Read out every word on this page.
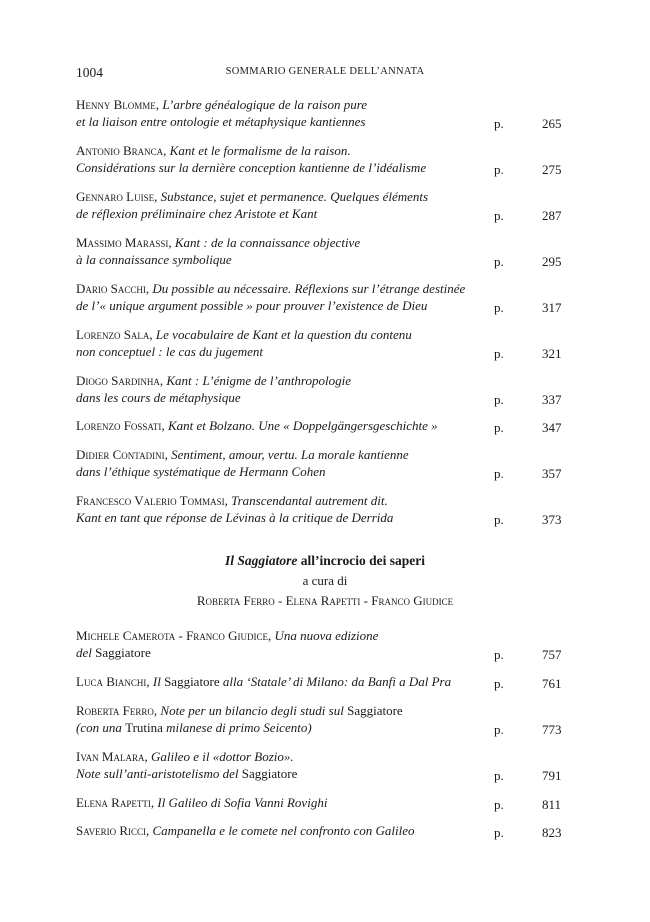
1004	SOMMARIO GENERALE DELL’ANNATA
Henny Blomme, L’arbre généalogique de la raison pure
et la liaison entre ontologie et métaphysique kantiennes	p.	265
Antonio Branca, Kant et le formalisme de la raison.
Considérations sur la dernière conception kantienne de l’idéalisme	p.	275
Gennaro Luise, Substance, sujet et permanence. Quelques éléments
de réflexion préliminaire chez Aristote et Kant	p.	287
Massimo Marassi, Kant : de la connaissance objective
à la connaissance symbolique	p.	295
Dario Sacchi, Du possible au nécessaire. Réflexions sur l’étrange destinée
de l’« unique argument possible » pour prouver l’existence de Dieu	p.	317
Lorenzo Sala, Le vocabulaire de Kant et la question du contenu
non conceptuel : le cas du jugement	p.	321
Diogo Sardinha, Kant : L’énigme de l’anthropologie
dans les cours de métaphysique	p.	337
Lorenzo Fossati, Kant et Bolzano. Une « Doppelgängersgeschichte »	p.	347
Didier Contadini, Sentiment, amour, vertu. La morale kantienne
dans l’éthique systématique de Hermann Cohen	p.	357
Francesco Valerio Tommasi, Transcendantal autrement dit.
Kant en tant que réponse de Lévinas à la critique de Derrida	p.	373
Il Saggiatore all’incrocio dei saperi
a cura di
Roberta Ferro - Elena Rapetti - Franco Giudice
Michele Camerota - Franco Giudice, Una nuova edizione
del Saggiatore	p.	757
Luca Bianchi, Il Saggiatore alla ‘Statale’ di Milano: da Banfi a Dal Pra	p.	761
Roberta Ferro, Note per un bilancio degli studi sul Saggiatore
(con una Trutina milanese di primo Seicento)	p.	773
Ivan Malara, Galileo e il «dottor Bozio».
Note sull’anti-aristotelismo del Saggiatore	p.	791
Elena Rapetti, Il Galileo di Sofia Vanni Rovighi	p.	811
Saverio Ricci, Campanella e le comete nel confronto con Galileo	p.	823
